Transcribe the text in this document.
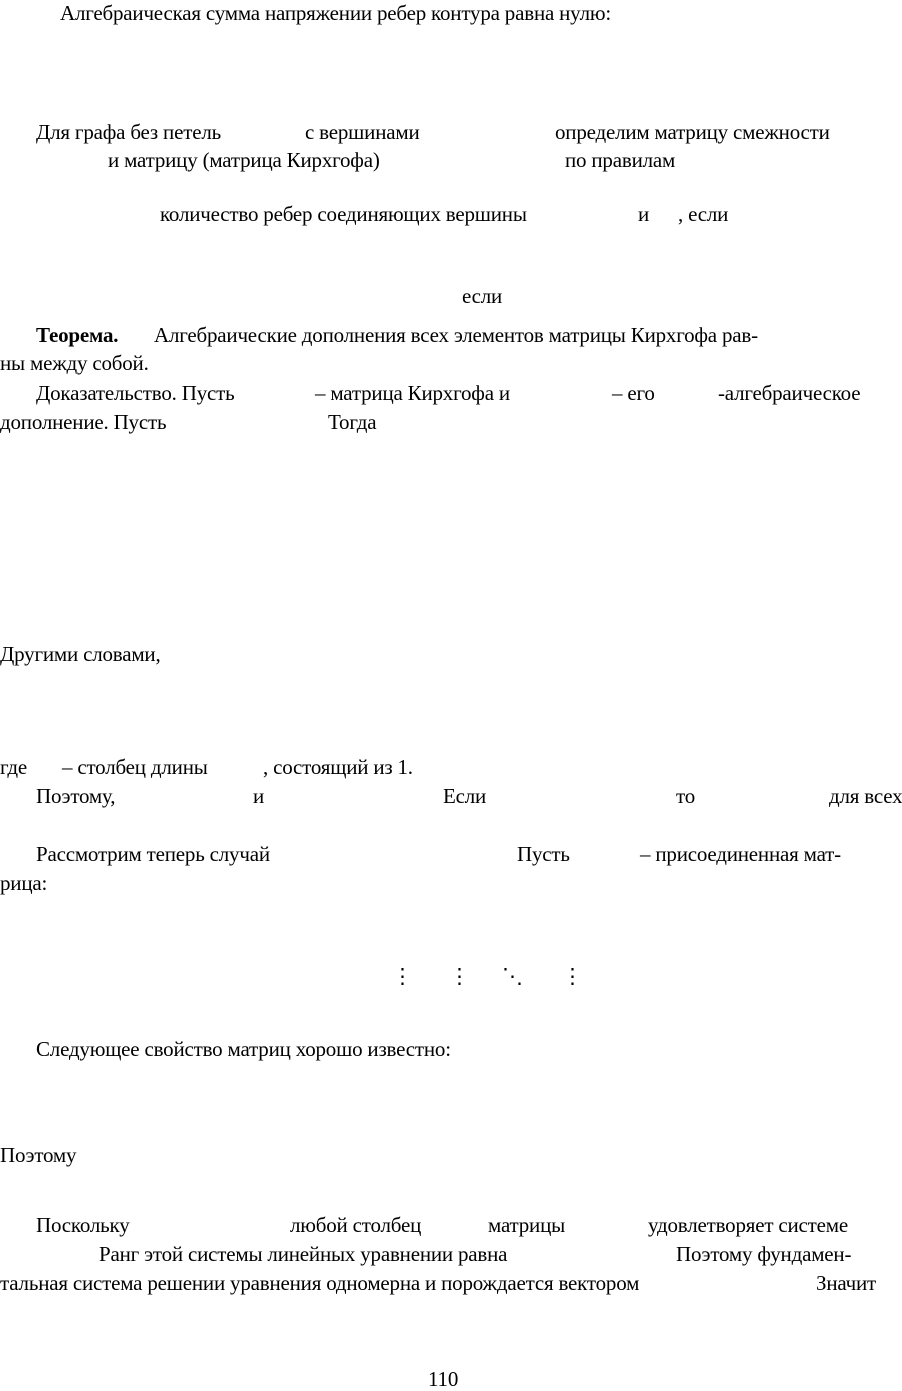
Алгебраическая сумма напряжении ребер контура равна нулю:
Для графа без петель	с вершинами	определим матрицу смежности
и матрицу (матрица Кирхгофа)	по правилам
количество ребер соединяющих вершины	и , если
если
Теорема. Алгебраические дополнения всех элементов матрицы Кирхгофа рав-
ны между собой.
Доказательство. Пусть	– матрица Кирхгофа и	– его	-алгебраическое
дополнение. Пусть	Тогда
Другими словами,
где – столбец длины	, состоящий из 1.
Поэтому,	и	Если	то	для всех
Рассмотрим теперь случай	Пусть	– присоединенная мат-
рица:
⋮ ⋮ ⋱ ⋮
Следующее свойство матриц хорошо известно:
Поэтому
Поскольку	любой столбец	матрицы	удовлетворяет системе
Ранг этой системы линейных уравнении равна	Поэтому фундамен-
тальная система решении уравнения одномерна и порождается вектором	Значит
110
